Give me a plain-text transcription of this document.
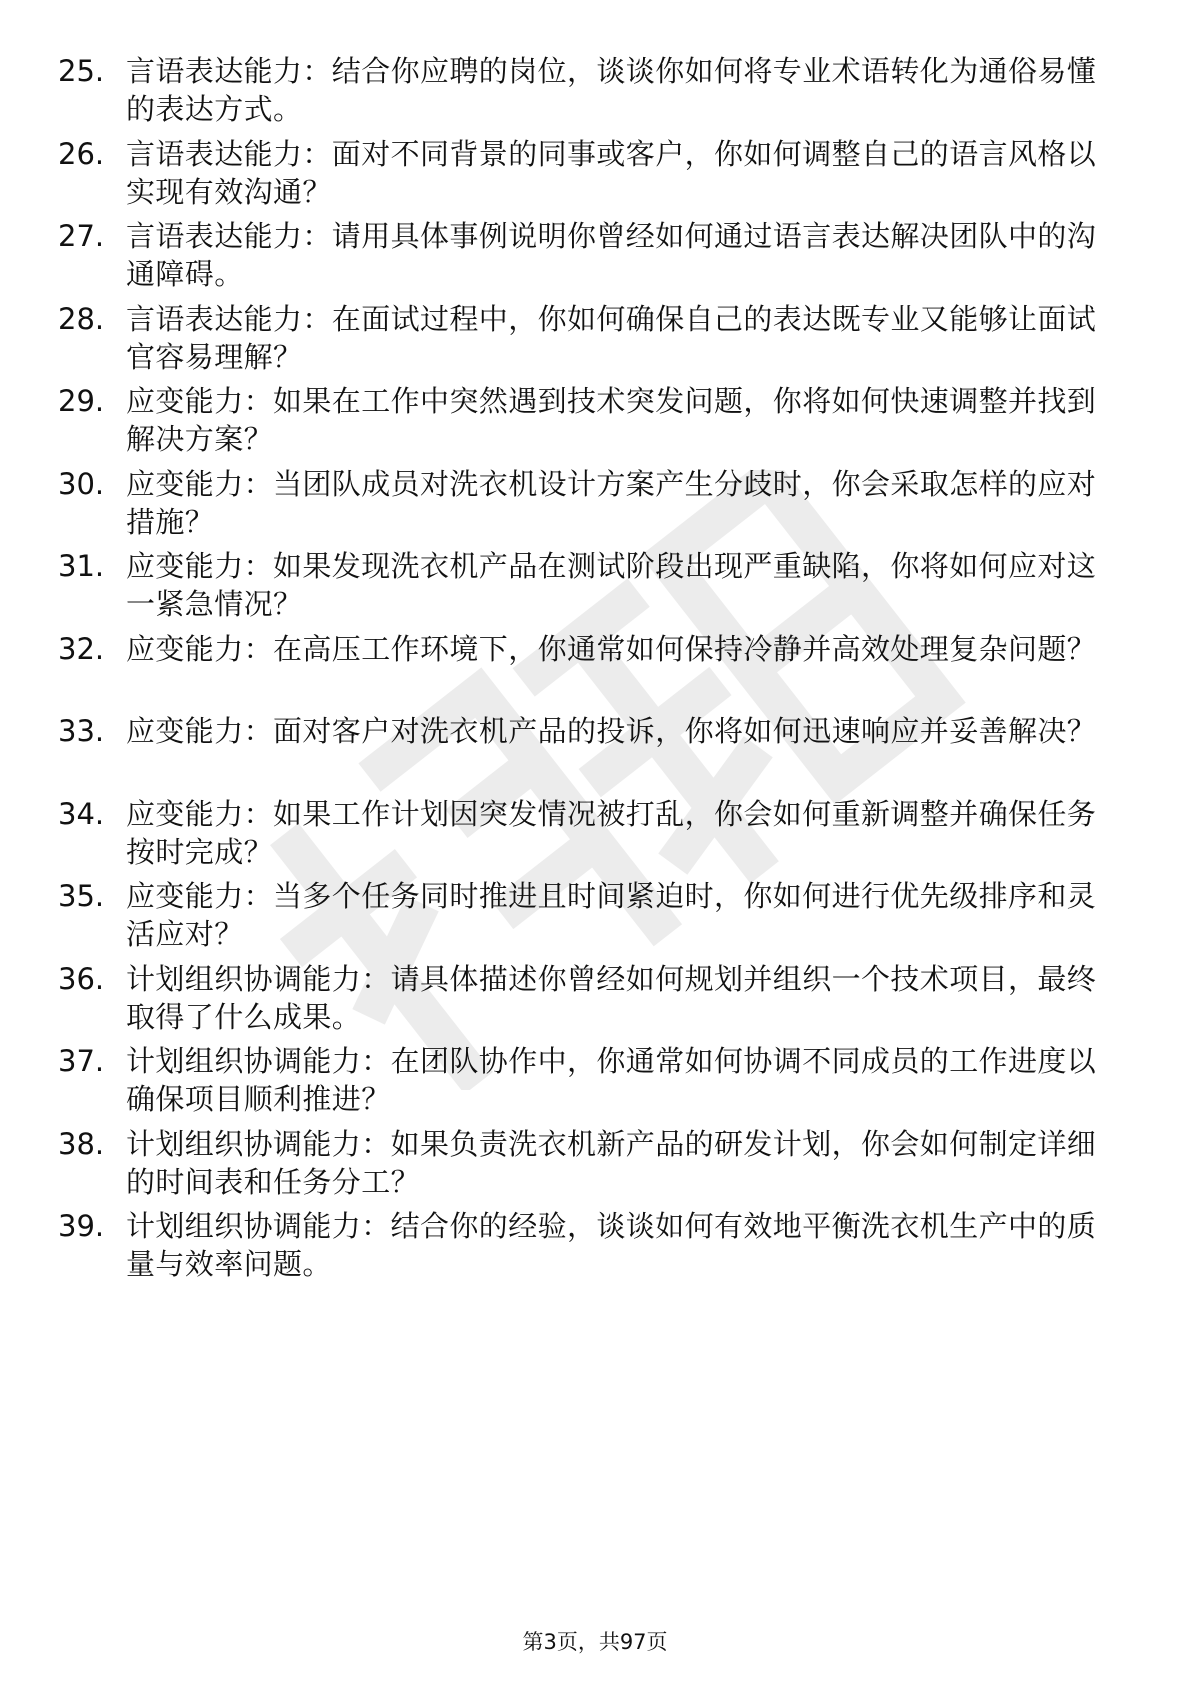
25. 言语表达能力：结合你应聘的岗位，谈谈你如何将专业术语转化为通俗易懂的表达方式。
26. 言语表达能力：面对不同背景的同事或客户，你如何调整自己的语言风格以实现有效沟通？
27. 言语表达能力：请用具体事例说明你曾经如何通过语言表达解决团队中的沟通障碍。
28. 言语表达能力：在面试过程中，你如何确保自己的表达既专业又能够让面试官容易理解？
29. 应变能力：如果在工作中突然遇到技术突发问题，你将如何快速调整并找到解决方案？
30. 应变能力：当团队成员对洗衣机设计方案产生分歧时，你会采取怎样的应对措施？
31. 应变能力：如果发现洗衣机产品在测试阶段出现严重缺陷，你将如何应对这一紧急情况？
32. 应变能力：在高压工作环境下，你通常如何保持冷静并高效处理复杂问题？
33. 应变能力：面对客户对洗衣机产品的投诉，你将如何迅速响应并妥善解决？
34. 应变能力：如果工作计划因突发情况被打乱，你会如何重新调整并确保任务按时完成？
35. 应变能力：当多个任务同时推进且时间紧迫时，你如何进行优先级排序和灵活应对？
36. 计划组织协调能力：请具体描述你曾经如何规划并组织一个技术项目，最终取得了什么成果。
37. 计划组织协调能力：在团队协作中，你通常如何协调不同成员的工作进度以确保项目顺利推进？
38. 计划组织协调能力：如果负责洗衣机新产品的研发计划，你会如何制定详细的时间表和任务分工？
39. 计划组织协调能力：结合你的经验，谈谈如何有效地平衡洗衣机生产中的质量与效率问题。
第3页，共97页
